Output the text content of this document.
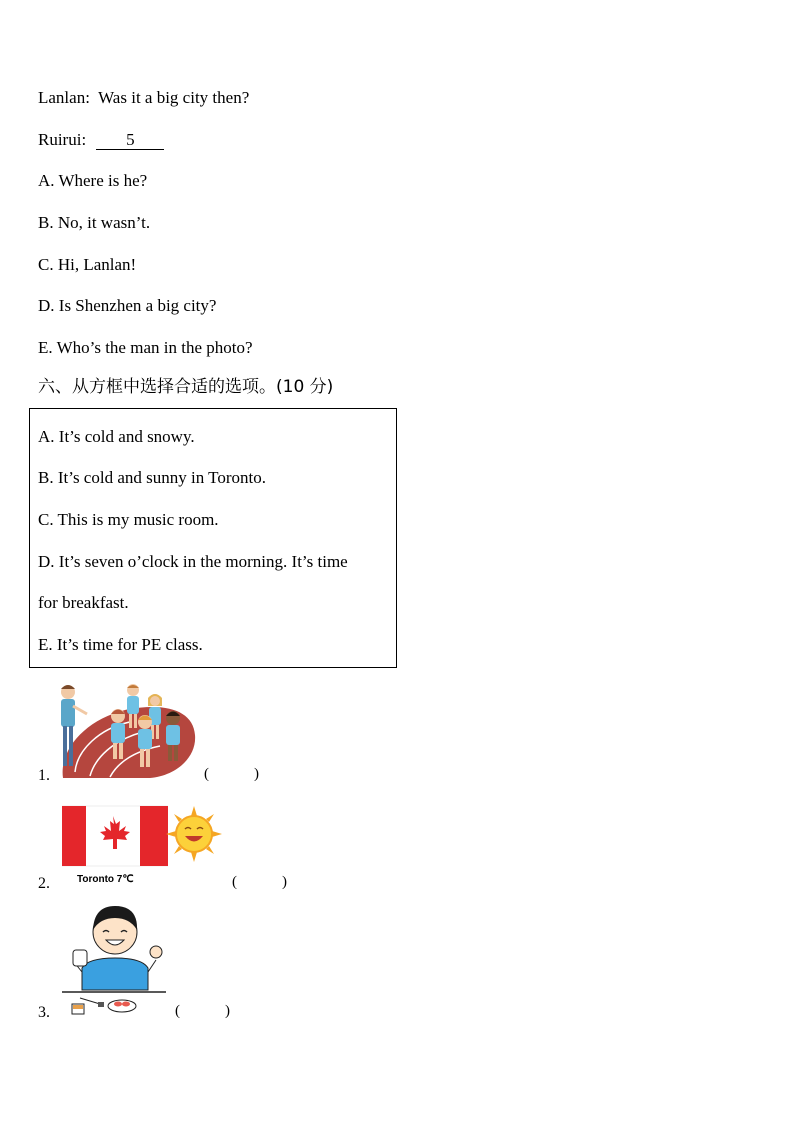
Lanlan: Was it a big city then?
Ruirui: 5
A. Where is he?
B. No, it wasn’t.
C. Hi, Lanlan!
D. Is Shenzhen a big city?
E. Who’s the man in the photo?
六、从方框中选择合适的选项。(10 分)
A. It’s cold and snowy.
B. It’s cold and sunny in Toronto.
C. This is my music room.
D. It’s seven o’clock in the morning. It’s time
for breakfast.
E. It’s time for PE class.
1.	(            )
Toronto 7℃
2.	(            )
3.	(            )
